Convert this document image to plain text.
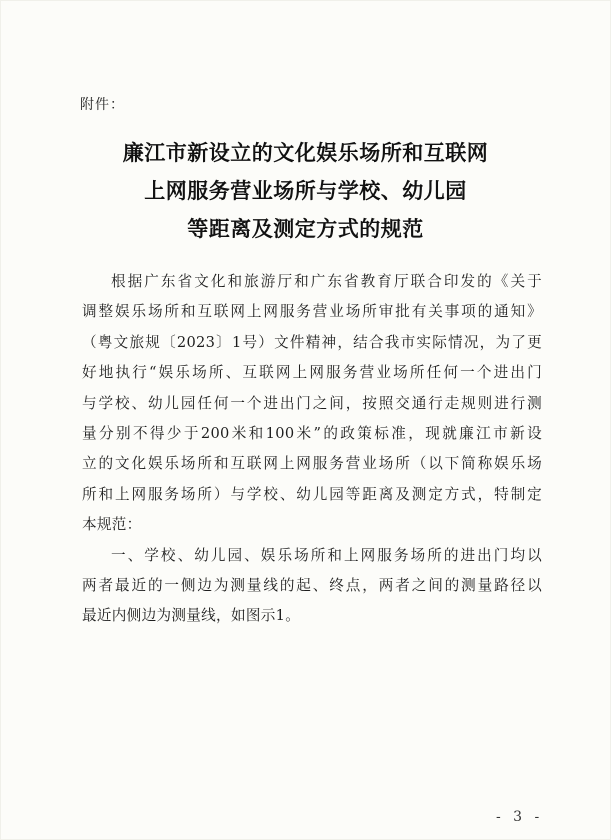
附件：
廉江市新设立的文化娱乐场所和互联网
上网服务营业场所与学校、幼儿园
等距离及测定方式的规范
根据广东省文化和旅游厅和广东省教育厅联合印发的《关于
调整娱乐场所和互联网上网服务营业场所审批有关事项的通知》
（粤文旅规〔2023〕1号）文件精神，结合我市实际情况，为了更
好地执行“娱乐场所、互联网上网服务营业场所任何一个进出门
与学校、幼儿园任何一个进出门之间，按照交通行走规则进行测
量分别不得少于200米和100米”的政策标准，现就廉江市新设
立的文化娱乐场所和互联网上网服务营业场所（以下简称娱乐场
所和上网服务场所）与学校、幼儿园等距离及测定方式，特制定
本规范：
一、学校、幼儿园、娱乐场所和上网服务场所的进出门均以
两者最近的一侧边为测量线的起、终点，两者之间的测量路径以
最近内侧边为测量线，如图示1。
- 3 -
